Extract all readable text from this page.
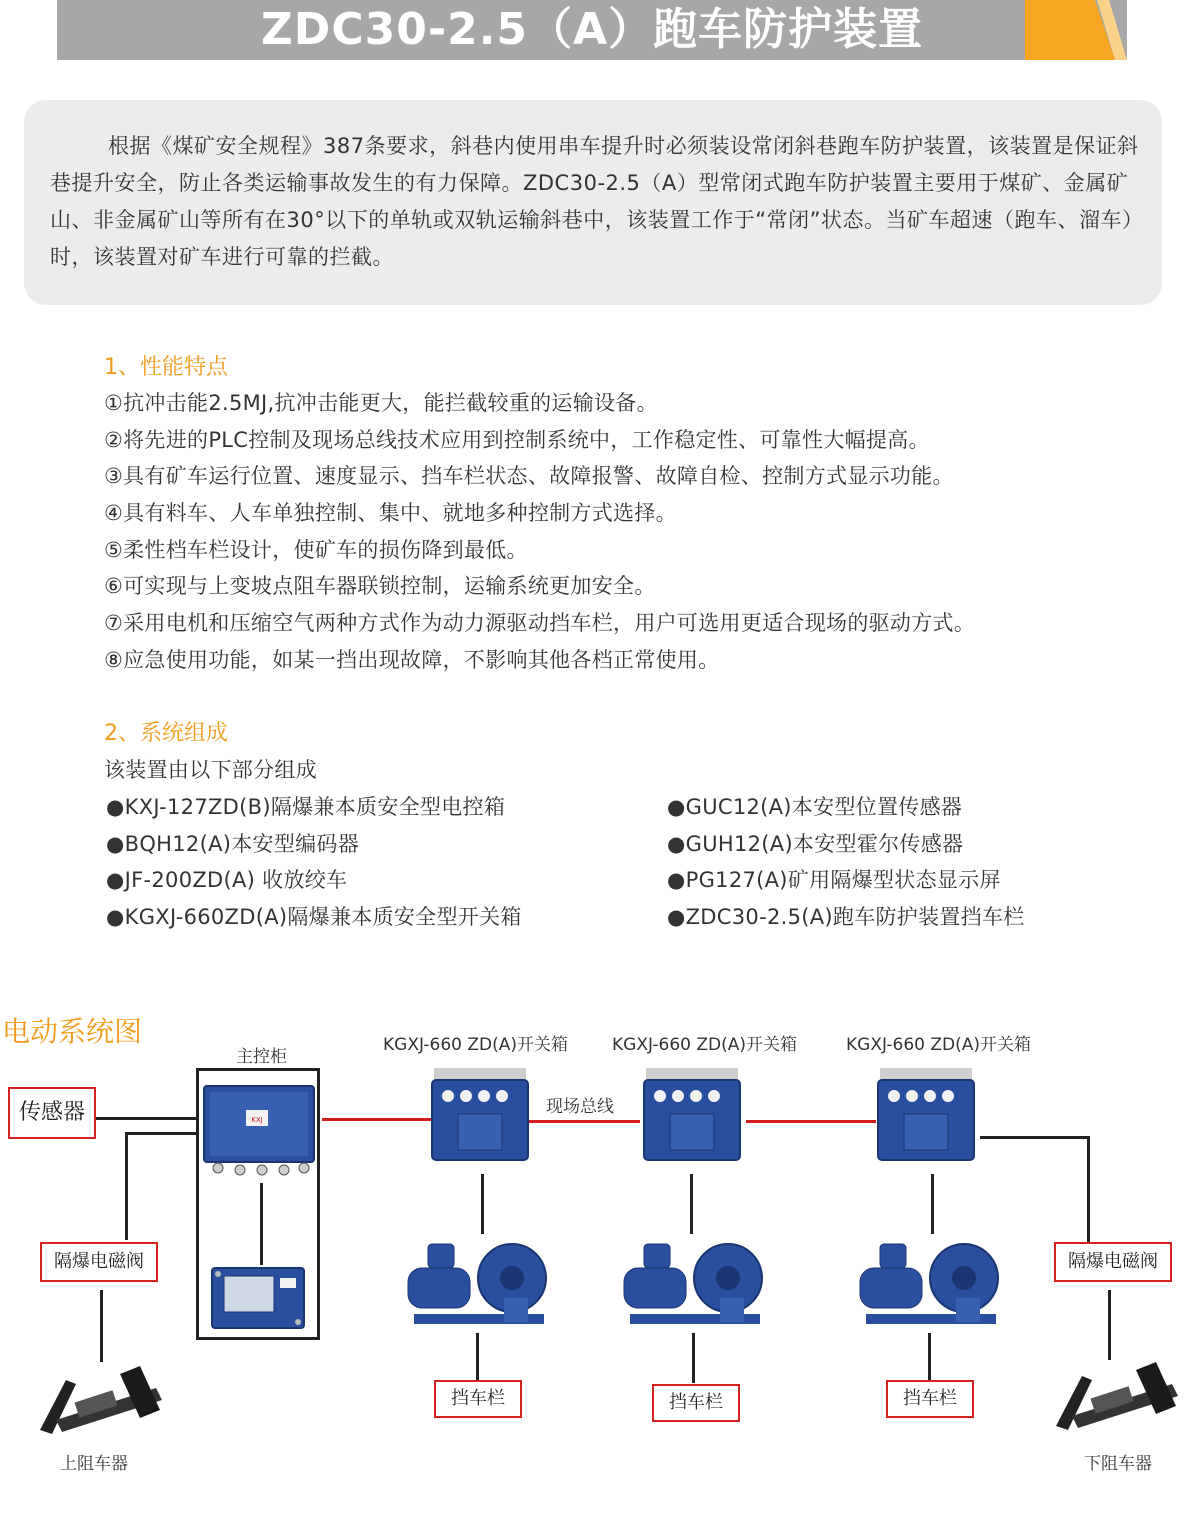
ZDC30-2.5（A）跑车防护装置
根据《煤矿安全规程》387条要求，斜巷内使用串车提升时必须装设常闭斜巷跑车防护装置，该装置是保证斜巷提升安全，防止各类运输事故发生的有力保障。ZDC30-2.5（A）型常闭式跑车防护装置主要用于煤矿、金属矿山、非金属矿山等所有在30°以下的单轨或双轨运输斜巷中，该装置工作于“常闭”状态。当矿车超速（跑车、溜车）时，该装置对矿车进行可靠的拦截。
1、性能特点
①抗冲击能2.5MJ,抗冲击能更大，能拦截较重的运输设备。
②将先进的PLC控制及现场总线技术应用到控制系统中，工作稳定性、可靠性大幅提高。
③具有矿车运行位置、速度显示、挡车栏状态、故障报警、故障自检、控制方式显示功能。
④具有料车、人车单独控制、集中、就地多种控制方式选择。
⑤柔性档车栏设计，使矿车的损伤降到最低。
⑥可实现与上变坡点阻车器联锁控制，运输系统更加安全。
⑦采用电机和压缩空气两种方式作为动力源驱动挡车栏，用户可选用更适合现场的驱动方式。
⑧应急使用功能，如某一挡出现故障，不影响其他各档正常使用。
2、系统组成
该装置由以下部分组成
●KXJ-127ZD(B)隔爆兼本质安全型电控箱
●BQH12(A)本安型编码器
●JF-200ZD(A) 收放绞车
●KGXJ-660ZD(A)隔爆兼本质安全型开关箱
●GUC12(A)本安型位置传感器
●GUH12(A)本安型霍尔传感器
●PG127(A)矿用隔爆型状态显示屏
●ZDC30-2.5(A)跑车防护装置挡车栏
电动系统图
主控柜
KGXJ-660 ZD(A)开关箱	KGXJ-660 ZD(A)开关箱	KGXJ-660 ZD(A)开关箱
现场总线
传感器
隔爆电磁阀	隔爆电磁阀
挡车栏	挡车栏	挡车栏
KXJ
上阻车器	下阻车器
